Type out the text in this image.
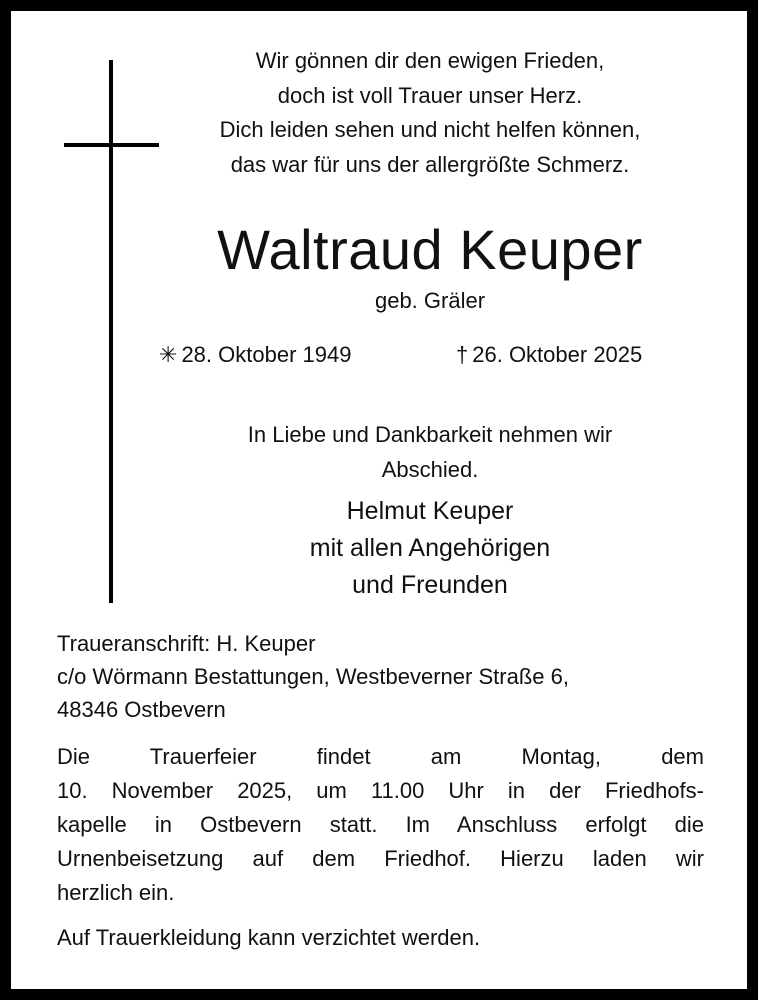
Wir gönnen dir den ewigen Frieden,
doch ist voll Trauer unser Herz.
Dich leiden sehen und nicht helfen können,
das war für uns der allergrößte Schmerz.
Waltraud Keuper
geb. Gräler
✳ 28. Oktober 1949	† 26. Oktober 2025
In Liebe und Dankbarkeit nehmen wir
Abschied.
Helmut Keuper
mit allen Angehörigen
und Freunden
Traueranschrift: H. Keuper
c/o Wörmann Bestattungen, Westbeverner Straße 6,
48346 Ostbevern
Die Trauerfeier findet am Montag, dem
10. November 2025, um 11.00 Uhr in der Friedhofs-
kapelle in Ostbevern statt. Im Anschluss erfolgt die
Urnenbeisetzung auf dem Friedhof. Hierzu laden wir
herzlich ein.
Auf Trauerkleidung kann verzichtet werden.
